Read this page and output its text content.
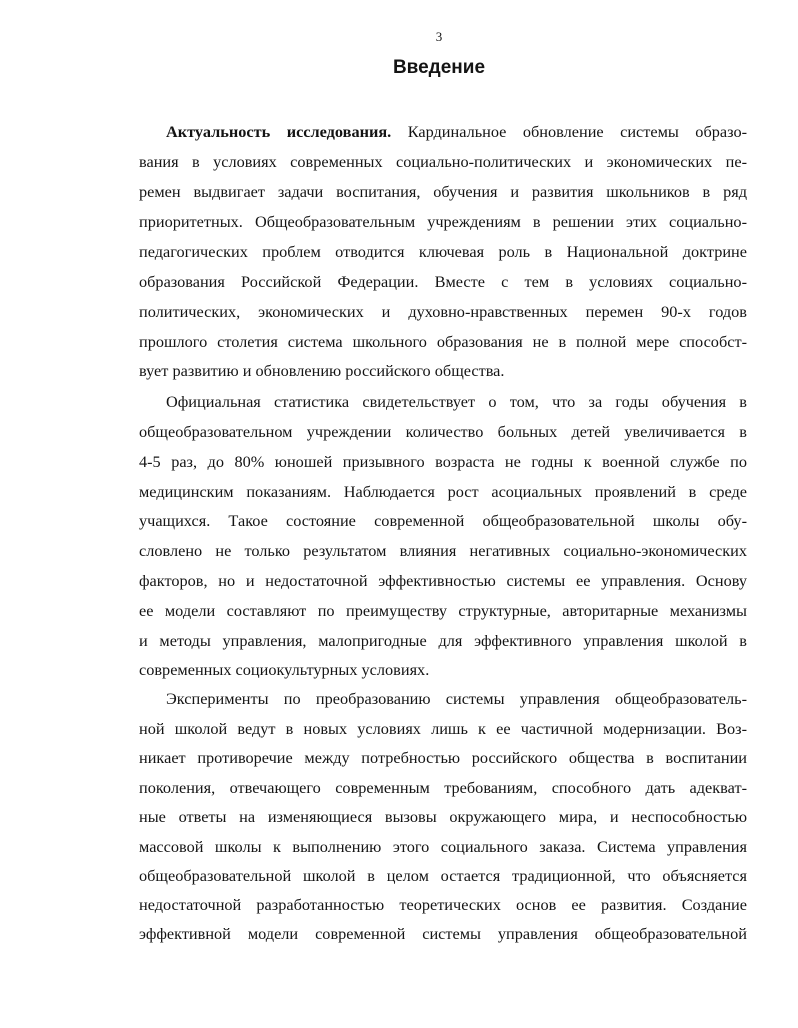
3
Введение
Актуальность исследования. Кардинальное обновление системы образо-
вания в условиях современных социально-политических и экономических пе-
ремен выдвигает задачи воспитания, обучения и развития школьников в ряд
приоритетных. Общеобразовательным учреждениям в решении этих социально-
педагогических проблем отводится ключевая роль в Национальной доктрине
образования Российской Федерации. Вместе с тем в условиях социально-
политических, экономических и духовно-нравственных перемен 90-х годов
прошлого столетия система школьного образования не в полной мере способст-
вует развитию и обновлению российского общества.
Официальная статистика свидетельствует о том, что за годы обучения в
общеобразовательном учреждении количество больных детей увеличивается в
4-5 раз, до 80% юношей призывного возраста не годны к военной службе по
медицинским показаниям. Наблюдается рост асоциальных проявлений в среде
учащихся. Такое состояние современной общеобразовательной школы обу-
словлено не только результатом влияния негативных социально-экономических
факторов, но и недостаточной эффективностью системы ее управления. Основу
ее модели составляют по преимуществу структурные, авторитарные механизмы
и методы управления, малопригодные для эффективного управления школой в
современных социокультурных условиях.
Эксперименты по преобразованию системы управления общеобразователь-
ной школой ведут в новых условиях лишь к ее частичной модернизации. Воз-
никает противоречие между потребностью российского общества в воспитании
поколения, отвечающего современным требованиям, способного дать адекват-
ные ответы на изменяющиеся вызовы окружающего мира, и неспособностью
массовой школы к выполнению этого социального заказа. Система управления
общеобразовательной школой в целом остается традиционной, что объясняется
недостаточной разработанностью теоретических основ ее развития. Создание
эффективной модели современной системы управления общеобразовательной
